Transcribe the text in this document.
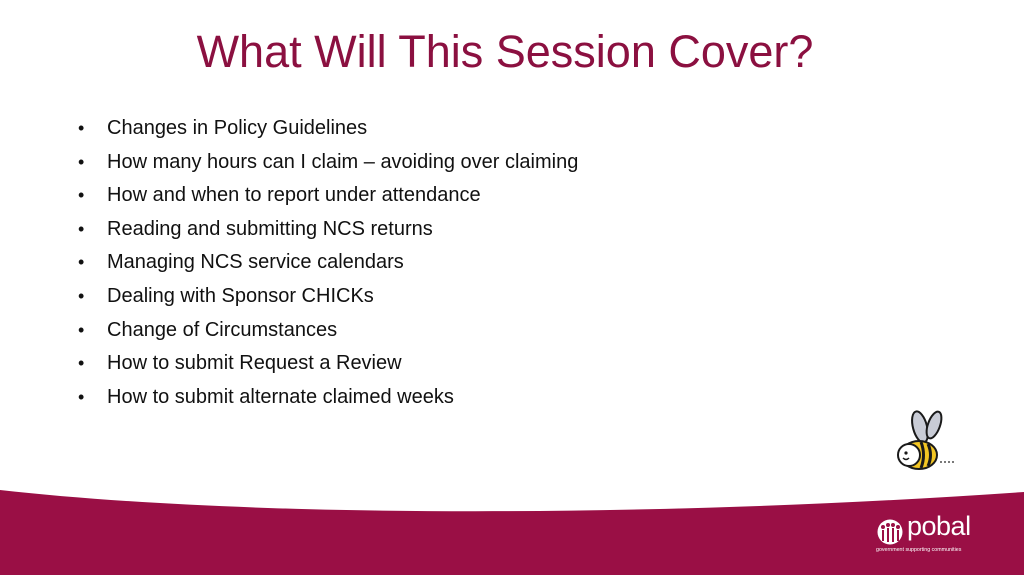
What Will This Session Cover?
• Changes in Policy Guidelines
• How many hours can I claim – avoiding over claiming
• How and when to report under attendance
• Reading and submitting NCS returns
• Managing NCS service calendars
• Dealing with Sponsor CHICKs
• Change of Circumstances
• How to submit Request a Review
• How to submit alternate claimed weeks
pobal
government supporting communities
